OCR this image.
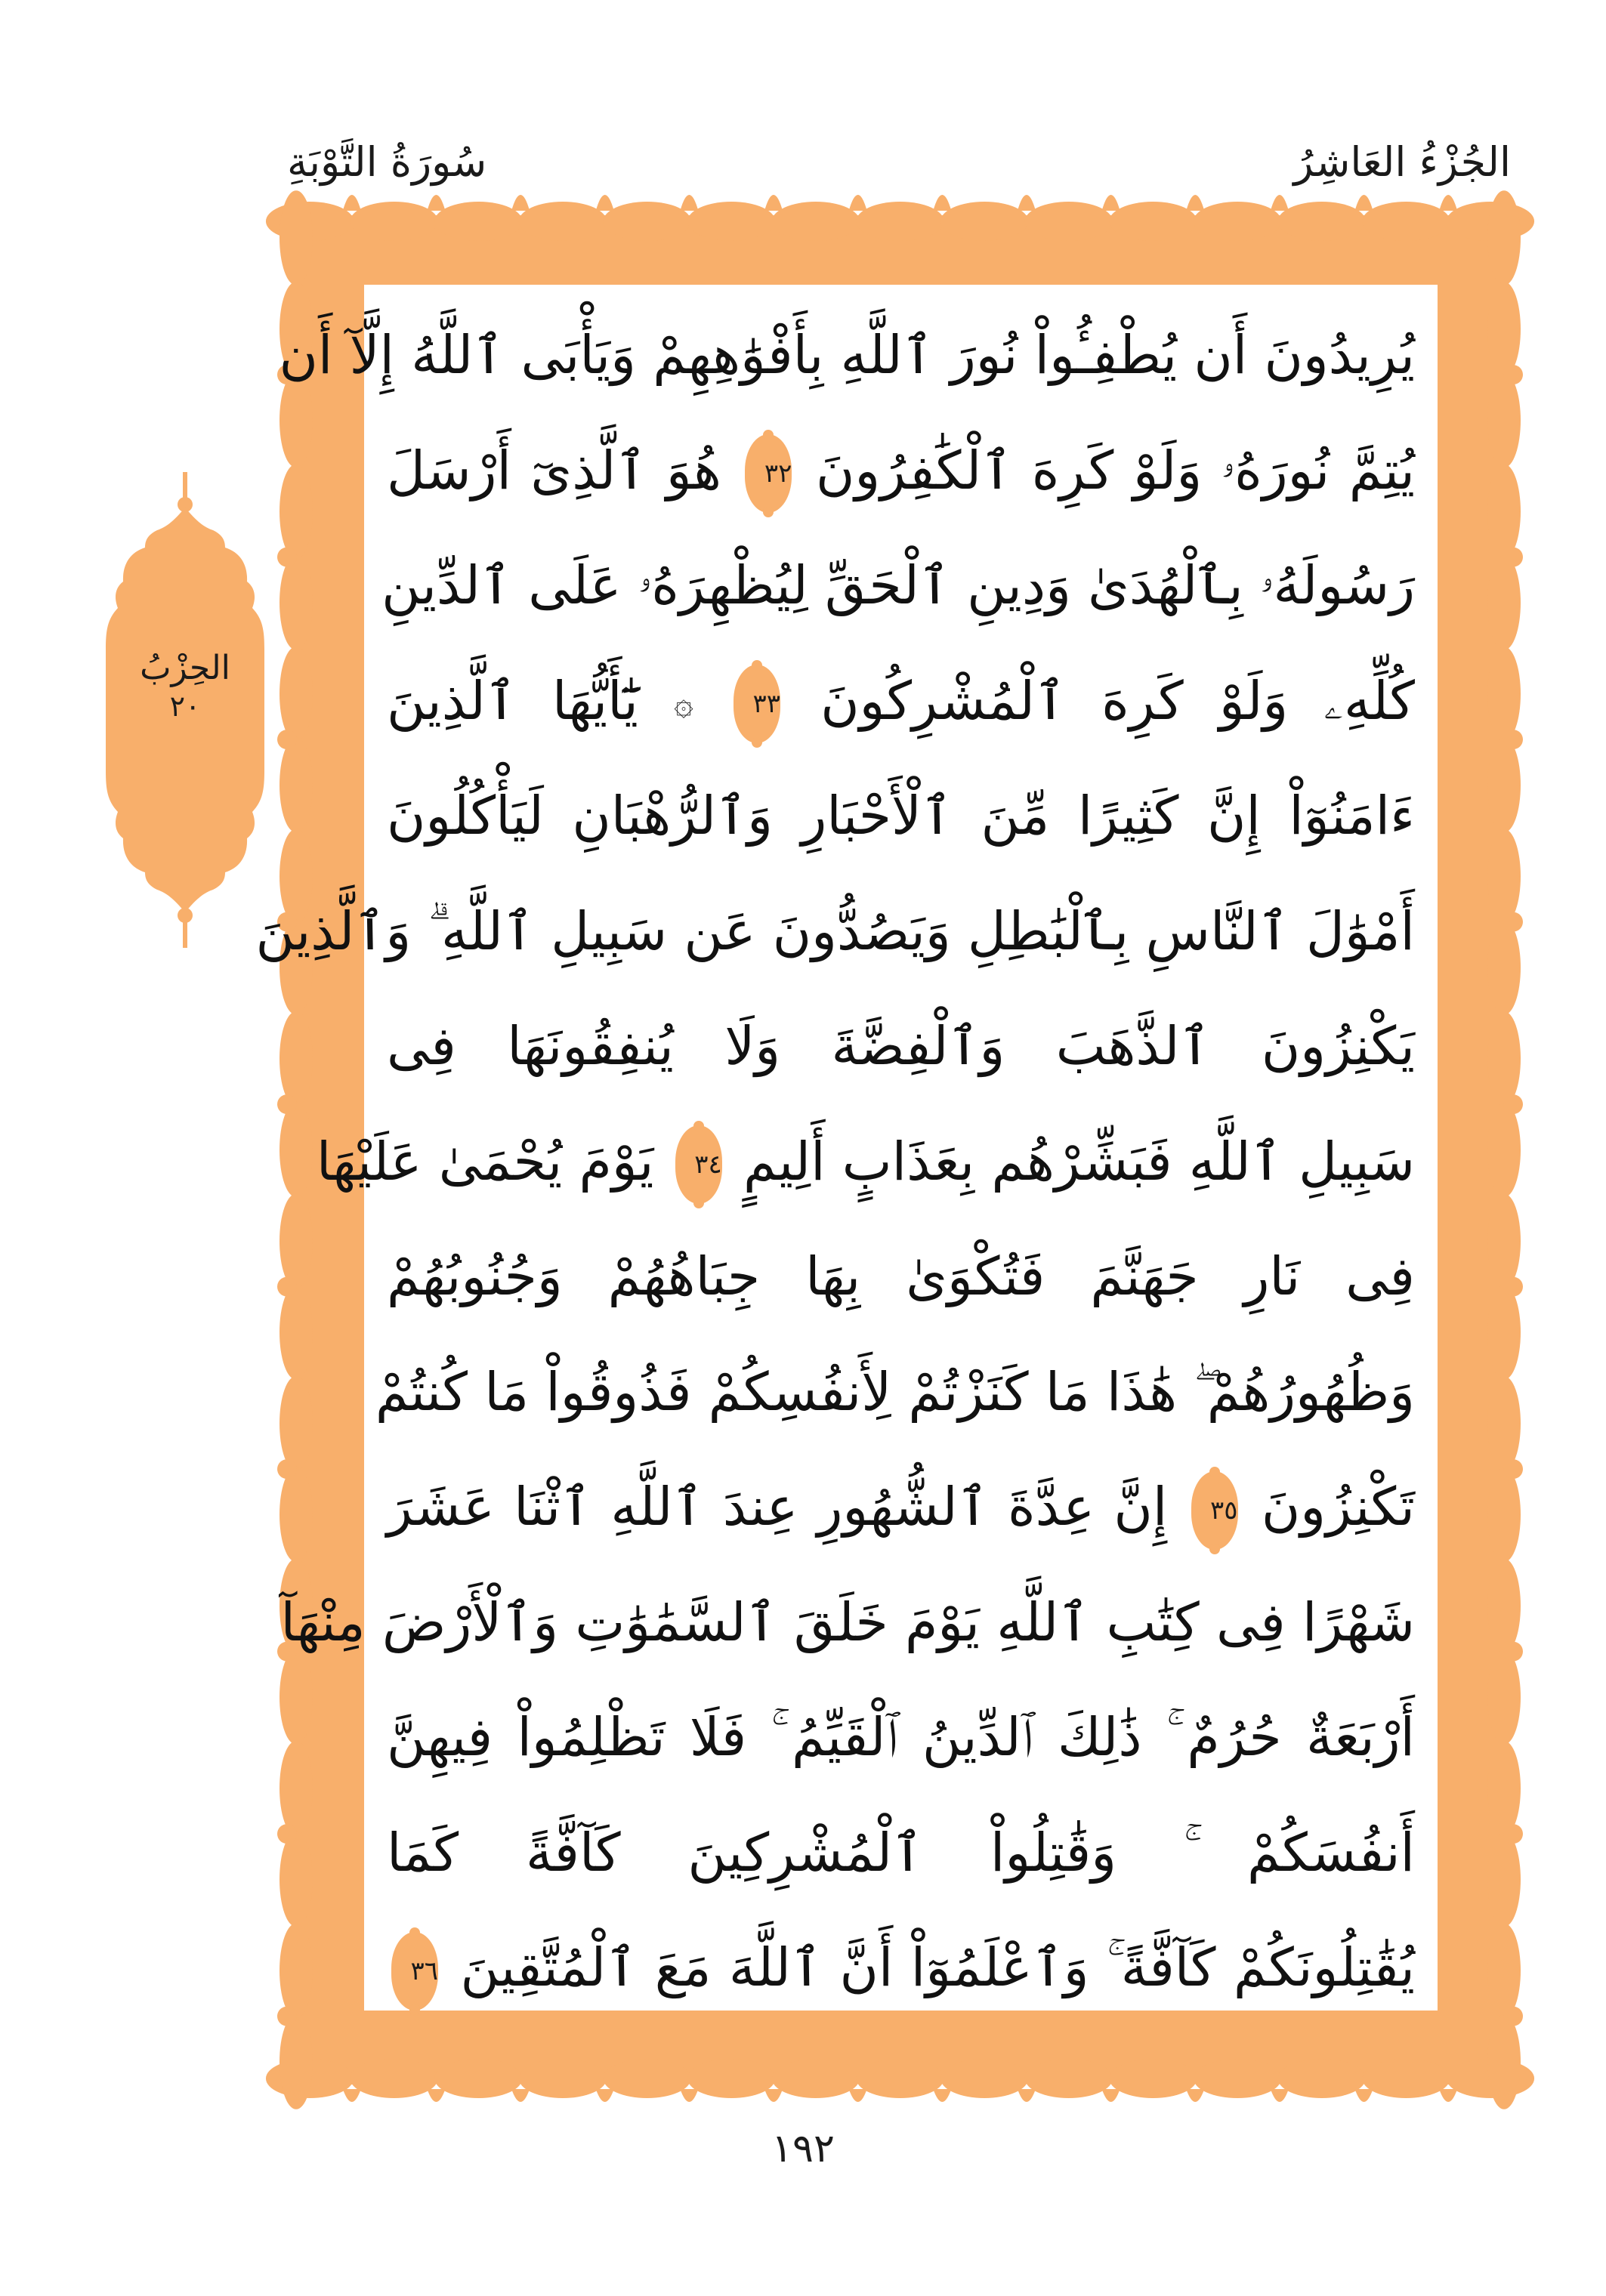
الجُزْءُ العَاشِرُ
سُورَةُ التَّوْبَةِ
يُرِيدُونَ أَن يُطْفِـُٔواْ نُورَ ٱللَّهِ بِأَفْوَٰهِهِمْ وَيَأْبَى ٱللَّهُ إِلَّآ أَن
يُتِمَّ نُورَهُۥ وَلَوْ كَرِهَ ٱلْكَٰفِرُونَ ٣٢ هُوَ ٱلَّذِىٓ أَرْسَلَ
رَسُولَهُۥ بِٱلْهُدَىٰ وَدِينِ ٱلْحَقِّ لِيُظْهِرَهُۥ عَلَى ٱلدِّينِ
كُلِّهِۦ وَلَوْ كَرِهَ ٱلْمُشْرِكُونَ ٣٣ ۞ يَٰٓأَيُّهَا ٱلَّذِينَ
ءَامَنُوٓاْ إِنَّ كَثِيرًا مِّنَ ٱلْأَحْبَارِ وَٱلرُّهْبَانِ لَيَأْكُلُونَ
أَمْوَٰلَ ٱلنَّاسِ بِٱلْبَٰطِلِ وَيَصُدُّونَ عَن سَبِيلِ ٱللَّهِ ۗ وَٱلَّذِينَ
يَكْنِزُونَ ٱلذَّهَبَ وَٱلْفِضَّةَ وَلَا يُنفِقُونَهَا فِى
سَبِيلِ ٱللَّهِ فَبَشِّرْهُم بِعَذَابٍ أَلِيمٍ ٣٤ يَوْمَ يُحْمَىٰ عَلَيْهَا
فِى نَارِ جَهَنَّمَ فَتُكْوَىٰ بِهَا جِبَاهُهُمْ وَجُنُوبُهُمْ
وَظُهُورُهُمْ ۖ هَٰذَا مَا كَنَزْتُمْ لِأَنفُسِكُمْ فَذُوقُواْ مَا كُنتُمْ
تَكْنِزُونَ ٣٥ إِنَّ عِدَّةَ ٱلشُّهُورِ عِندَ ٱللَّهِ ٱثْنَا عَشَرَ
شَهْرًا فِى كِتَٰبِ ٱللَّهِ يَوْمَ خَلَقَ ٱلسَّمَٰوَٰتِ وَٱلْأَرْضَ مِنْهَآ
أَرْبَعَةٌ حُرُمٌ ۚ ذَٰلِكَ ٱلدِّينُ ٱلْقَيِّمُ ۚ فَلَا تَظْلِمُواْ فِيهِنَّ
أَنفُسَكُمْ ۚ وَقَٰتِلُواْ ٱلْمُشْرِكِينَ كَآفَّةً كَمَا
يُقَٰتِلُونَكُمْ كَآفَّةً ۚ وَٱعْلَمُوٓاْ أَنَّ ٱللَّهَ مَعَ ٱلْمُتَّقِينَ ٣٦
الحِزْبُ
٢٠
١٩٢
